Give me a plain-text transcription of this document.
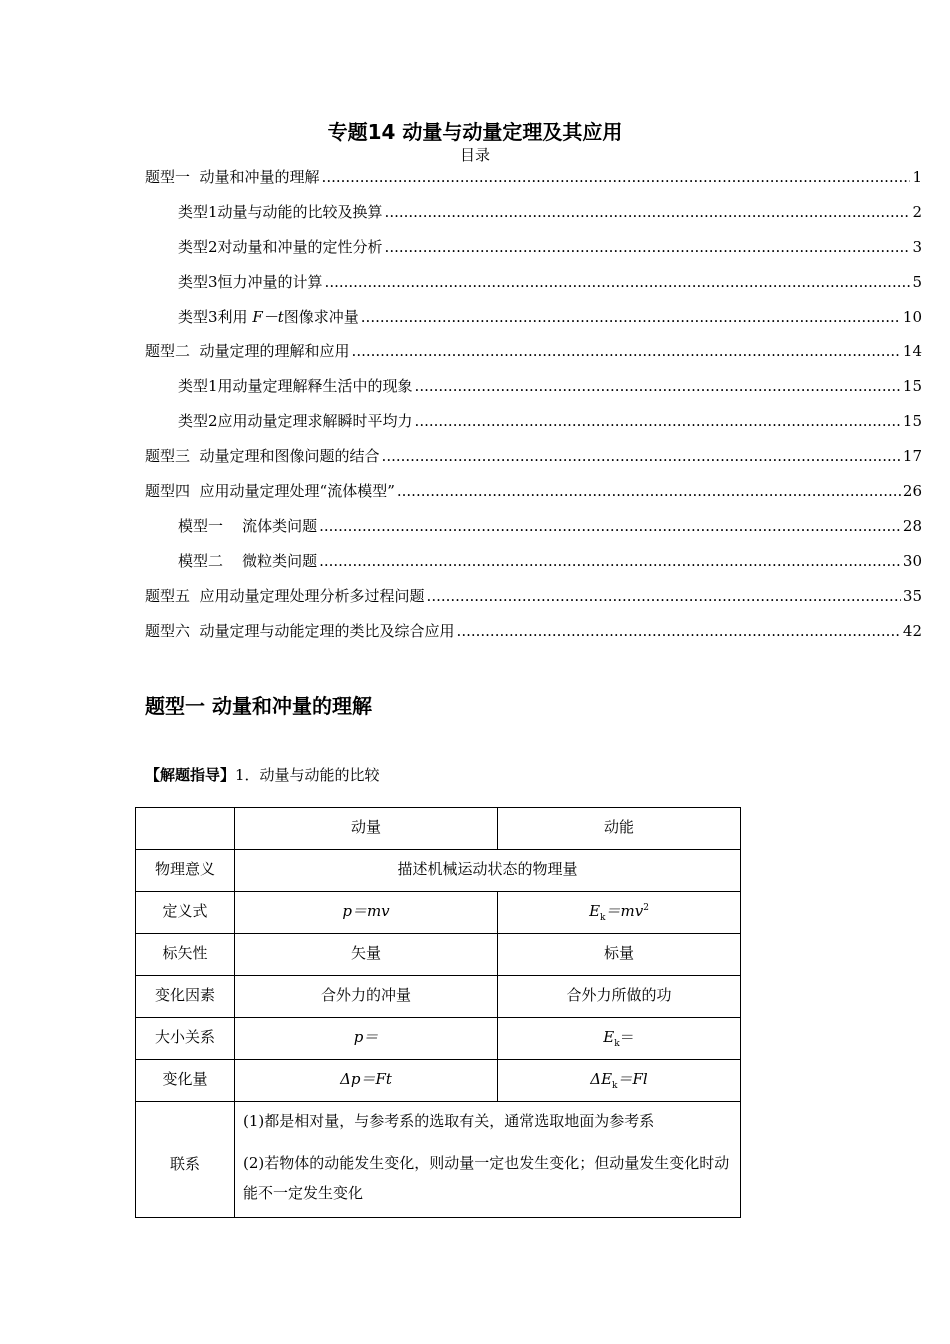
专题14 动量与动量定理及其应用
目录
题型一  动量和冲量的理解 .....	1
类型1动量与动能的比较及换算 .....	2
类型2对动量和冲量的定性分析 .....	3
类型3恒力冲量的计算 .....	5
类型3利用 F－t图像求冲量 .....	10
题型二  动量定理的理解和应用 .....	14
类型1用动量定理解释生活中的现象 .....	15
类型2应用动量定理求解瞬时平均力 .....	15
题型三  动量定理和图像问题的结合 .....	17
题型四  应用动量定理处理“流体模型” .....	26
模型一    流体类问题 .....	28
模型二    微粒类问题 .....	30
题型五  应用动量定理处理分析多过程问题 .....	35
题型六  动量定理与动能定理的类比及综合应用 .....	42
题型一 动量和冲量的理解
【解题指导】1．动量与动能的比较
	动量	动能
物理意义	描述机械运动状态的物理量	
定义式	p＝mv	$E_k=mv^2$
标矢性	矢量	标量
变化因素	合外力的冲量	合外力所做的功
大小关系	p＝	$E_k=$
变化量	Δp＝Ft	$\Delta E_k=Fl$
联系	(1)都是相对量，与参考系的选取有关，通常选取地面为参考系
(2)若物体的动能发生变化，则动量一定也发生变化；但动量发生变化时动能不一定发生变化	
